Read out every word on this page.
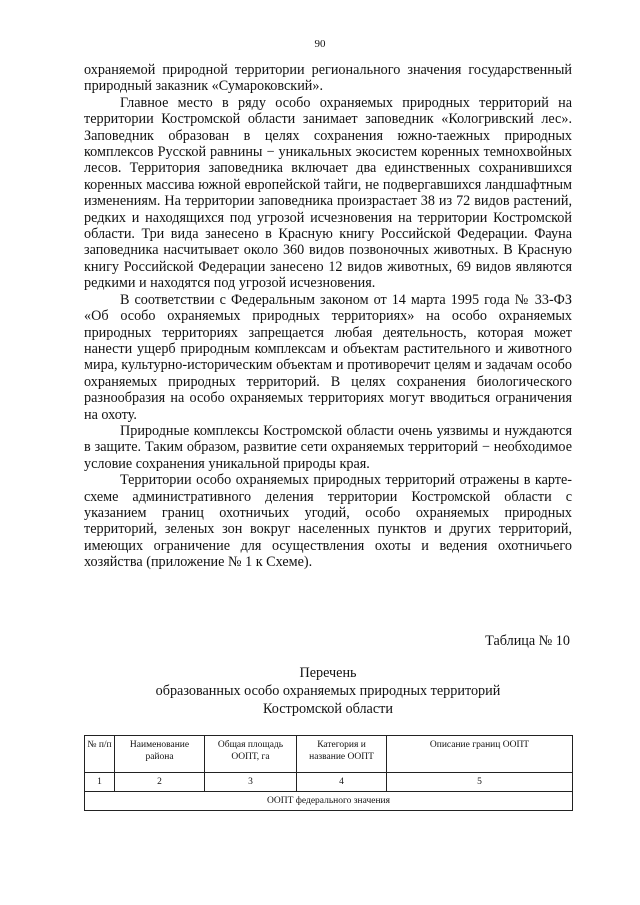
90

охраняемой природной территории регионального значения государственный природный заказник «Сумароковский».

Главное место в ряду особо охраняемых природных территорий на территории Костромской области занимает заповедник «Кологривский лес». Заповедник образован в целях сохранения южно-таежных природных комплексов Русской равнины − уникальных экосистем коренных темнохвойных лесов. Территория заповедника включает два единственных сохранившихся коренных массива южной европейской тайги, не подвергавшихся ландшафтным изменениям. На территории заповедника произрастает 38 из 72 видов растений, редких и находящихся под угрозой исчезновения на территории Костромской области. Три вида занесено в Красную книгу Российской Федерации. Фауна заповедника насчитывает около 360 видов позвоночных животных. В Красную книгу Российской Федерации занесено 12 видов животных, 69 видов являются редкими и находятся под угрозой исчезновения.

В соответствии с Федеральным законом от 14 марта 1995 года № 33-ФЗ «Об особо охраняемых природных территориях» на особо охраняемых природных территориях запрещается любая деятельность, которая может нанести ущерб природным комплексам и объектам растительного и животного мира, культурно-историческим объектам и противоречит целям и задачам особо охраняемых природных территорий. В целях сохранения биологического разнообразия на особо охраняемых территориях могут вводиться ограничения на охоту.

Природные комплексы Костромской области очень уязвимы и нуждаются в защите. Таким образом, развитие сети охраняемых территорий − необходимое условие сохранения уникальной природы края.

Территории особо охраняемых природных территорий отражены в карте-схеме административного деления территории Костромской области с указанием границ охотничьих угодий, особо охраняемых природных территорий, зеленых зон вокруг населенных пунктов и других территорий, имеющих ограничение для осуществления охоты и ведения охотничьего хозяйства (приложение № 1 к Схеме).

Таблица № 10
Перечень
образованных особо охраняемых природных территорий
Костромской области
№ п/п	Наименование района	Общая площадь ООПТ, га	Категория и название ООПТ	Описание границ ООПТ
1	2	3	4	5
ООПТ федерального значения				
